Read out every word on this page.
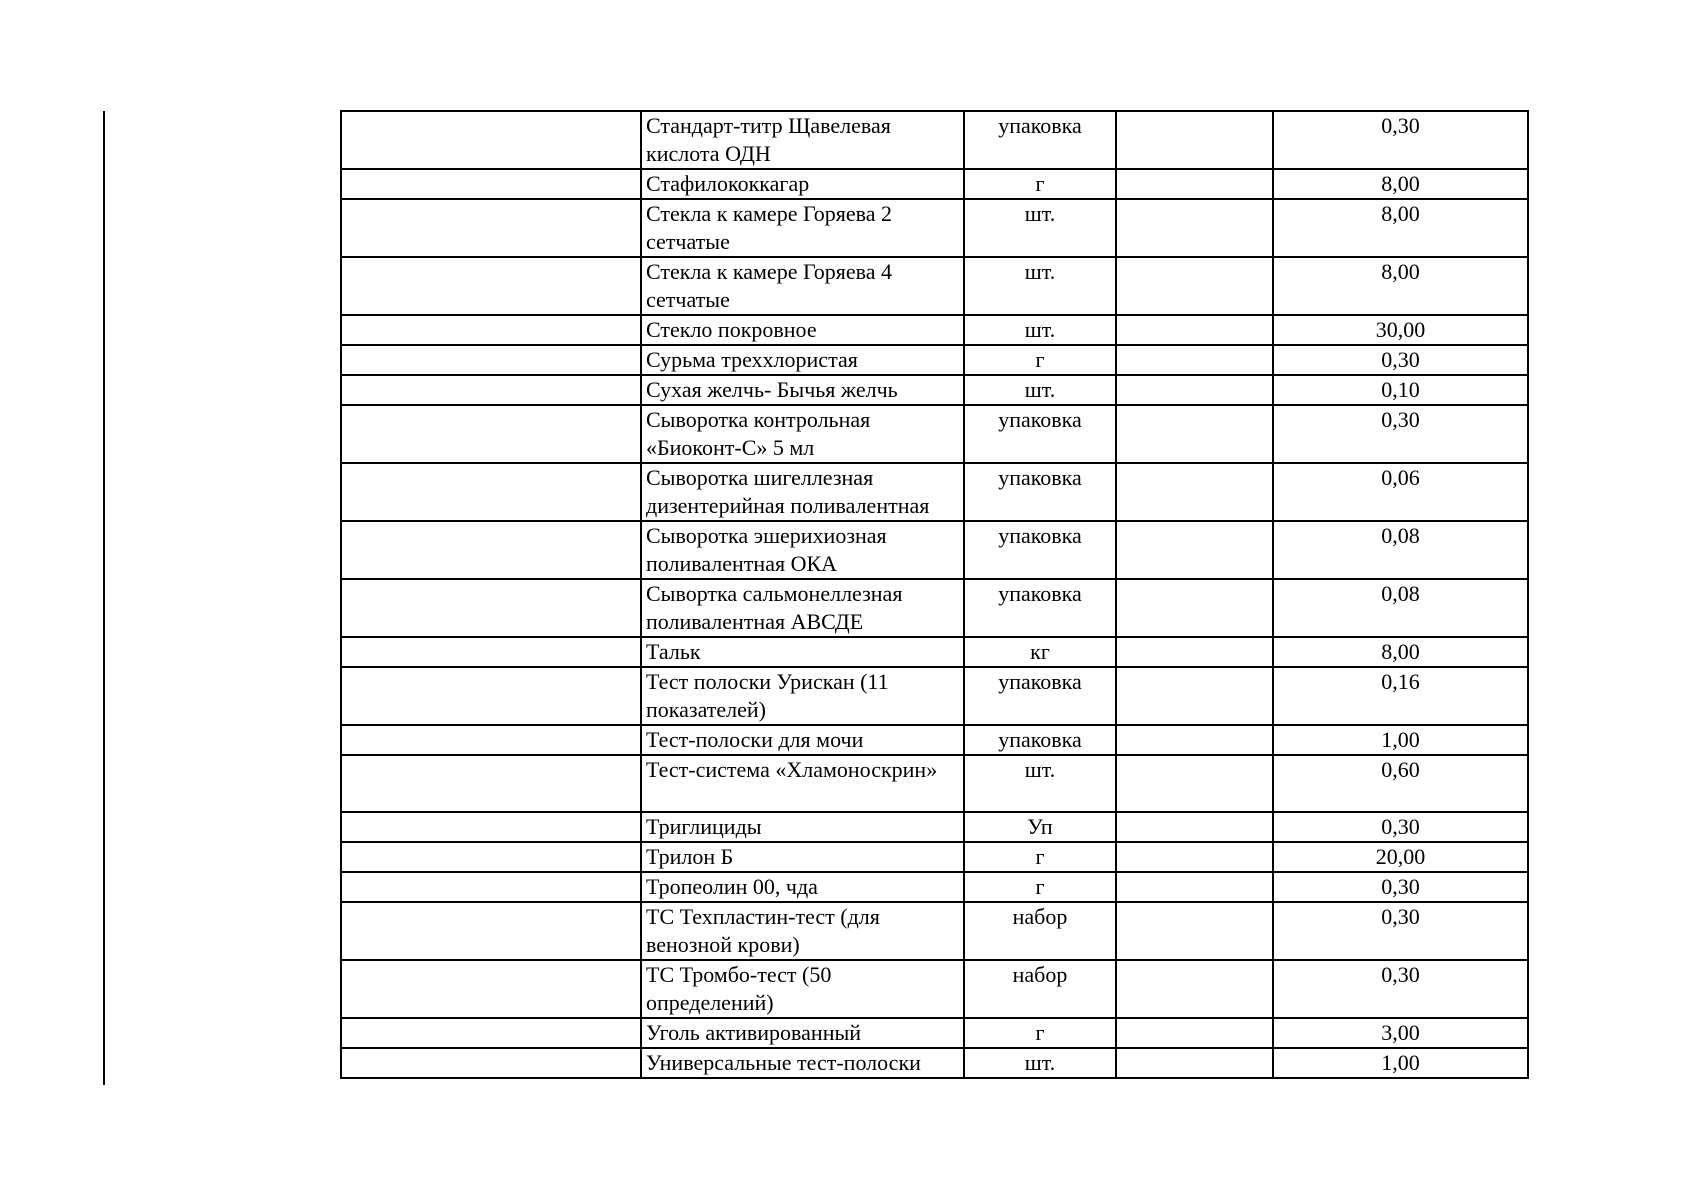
	Стандарт-титр Щавелевая кислота ОДН	упаковка		0,30
	Стафилококкагар	г		8,00
	Стекла к камере Горяева 2 сетчатые	шт.		8,00
	Стекла к камере Горяева 4 сетчатые	шт.		8,00
	Стекло покровное	шт.		30,00
	Сурьма треххлористая	г		0,30
	Сухая желчь- Бычья желчь	шт.		0,10
	Сыворотка контрольная «Биоконт-С» 5 мл	упаковка		0,30
	Сыворотка шигеллезная дизентерийная поливалентная	упаковка		0,06
	Сыворотка эшерихиозная поливалентная ОКА	упаковка		0,08
	Сывортка сальмонеллезная поливалентная АВСДЕ	упаковка		0,08
	Тальк	кг		8,00
	Тест полоски Урискан (11 показателей)	упаковка		0,16
	Тест-полоски для мочи	упаковка		1,00
	Тест-система «Хламоноскрин»	шт.		0,60
	Триглициды	Уп		0,30
	Трилон Б	г		20,00
	Тропеолин 00, чда	г		0,30
	ТС Техпластин-тест (для венозной крови)	набор		0,30
	ТС Тромбо-тест (50 определений)	набор		0,30
	Уголь активированный	г		3,00
	Универсальные тест-полоски	шт.		1,00
